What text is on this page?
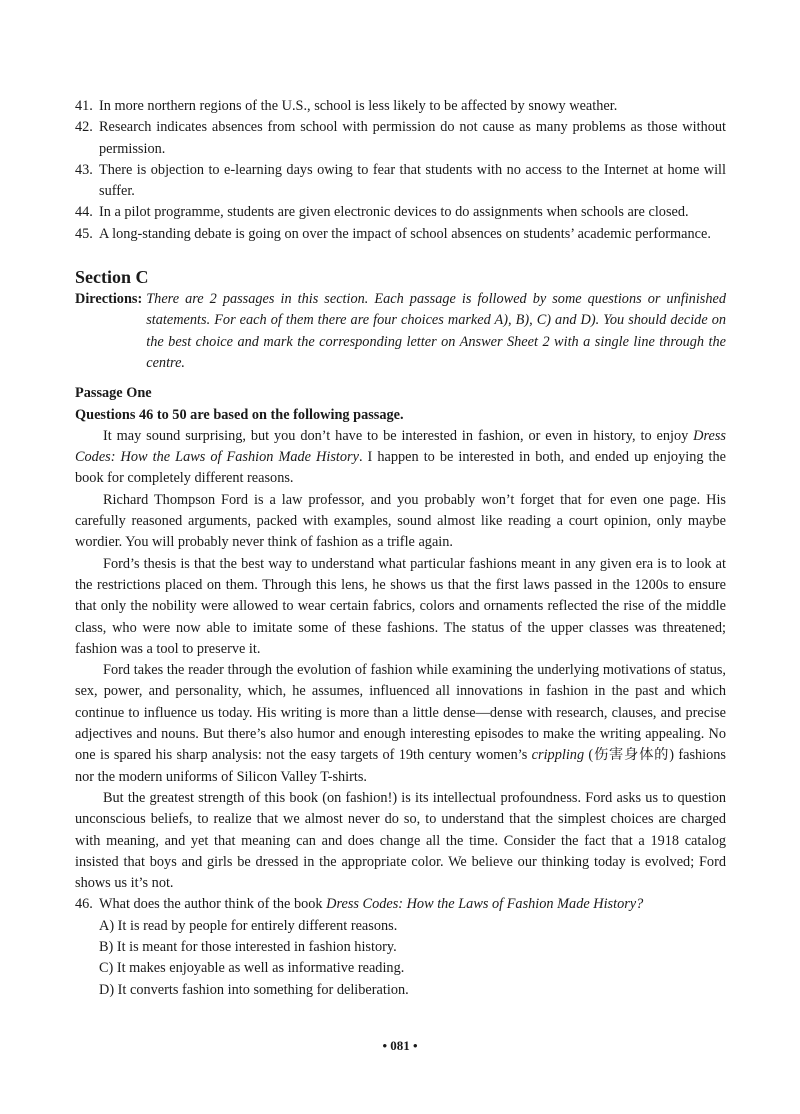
41. In more northern regions of the U.S., school is less likely to be affected by snowy weather.
42. Research indicates absences from school with permission do not cause as many problems as those without permission.
43. There is objection to e-learning days owing to fear that students with no access to the Internet at home will suffer.
44. In a pilot programme, students are given electronic devices to do assignments when schools are closed.
45. A long-standing debate is going on over the impact of school absences on students’ academic performance.
Section C
Directions: There are 2 passages in this section. Each passage is followed by some questions or unfinished statements. For each of them there are four choices marked A), B), C) and D). You should decide on the best choice and mark the corresponding letter on Answer Sheet 2 with a single line through the centre.
Passage One
Questions 46 to 50 are based on the following passage.

It may sound surprising, but you don’t have to be interested in fashion, or even in history, to enjoy Dress Codes: How the Laws of Fashion Made History. I happen to be interested in both, and ended up enjoying the book for completely different reasons.

Richard Thompson Ford is a law professor, and you probably won’t forget that for even one page. His carefully reasoned arguments, packed with examples, sound almost like reading a court opinion, only maybe wordier. You will probably never think of fashion as a trifle again.

Ford’s thesis is that the best way to understand what particular fashions meant in any given era is to look at the restrictions placed on them. Through this lens, he shows us that the first laws passed in the 1200s to ensure that only the nobility were allowed to wear certain fabrics, colors and ornaments reflected the rise of the middle class, who were now able to imitate some of these fashions. The status of the upper classes was threatened; fashion was a tool to preserve it.

Ford takes the reader through the evolution of fashion while examining the underlying motivations of status, sex, power, and personality, which, he assumes, influenced all innovations in fashion in the past and which continue to influence us today. His writing is more than a little dense—dense with research, clauses, and precise adjectives and nouns. But there’s also humor and enough interesting episodes to make the writing appealing. No one is spared his sharp analysis: not the easy targets of 19th century women’s crippling (伤害身体的) fashions nor the modern uniforms of Silicon Valley T-shirts.

But the greatest strength of this book (on fashion!) is its intellectual profoundness. Ford asks us to question unconscious beliefs, to realize that we almost never do so, to understand that the simplest choices are charged with meaning, and yet that meaning can and does change all the time. Consider the fact that a 1918 catalog insisted that boys and girls be dressed in the appropriate color. We believe our thinking today is evolved; Ford shows us it’s not.

46. What does the author think of the book Dress Codes: How the Laws of Fashion Made History?
A) It is read by people for entirely different reasons.
B) It is meant for those interested in fashion history.
C) It makes enjoyable as well as informative reading.
D) It converts fashion into something for deliberation.
• 081 •
